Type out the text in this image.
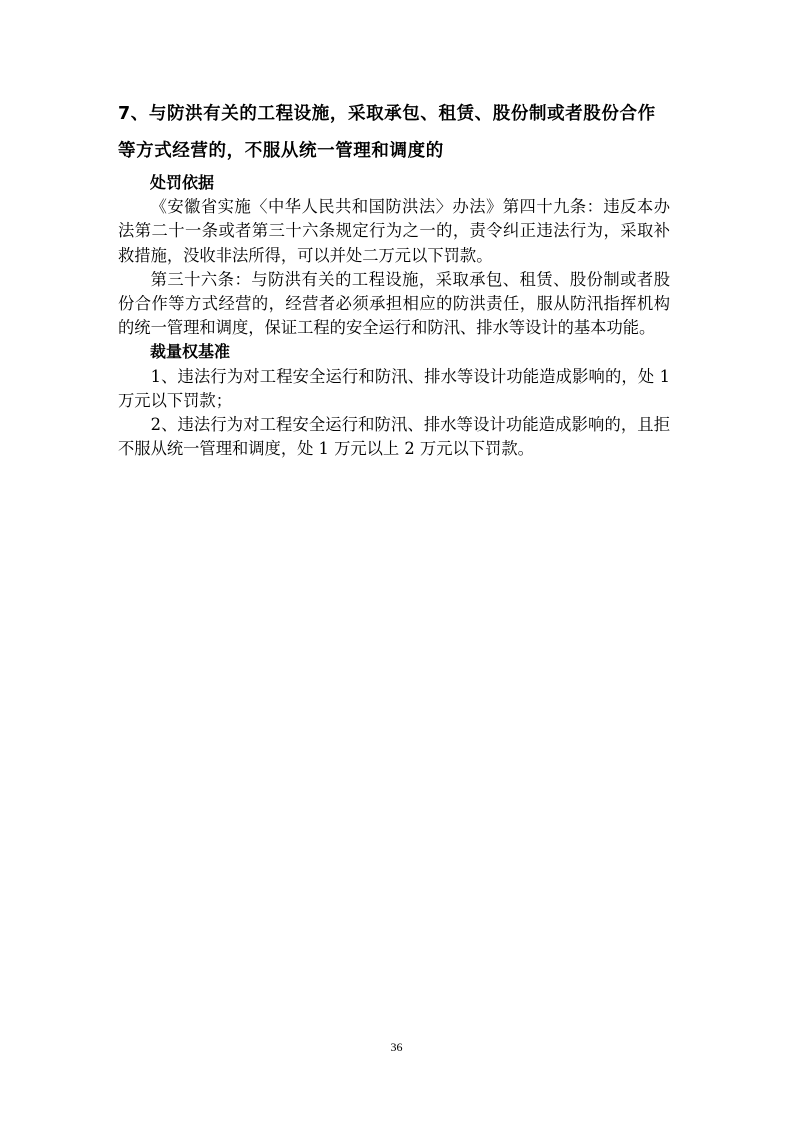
7、与防洪有关的工程设施，采取承包、租赁、股份制或者股份合作

等方式经营的，不服从统一管理和调度的

处罚依据

《安徽省实施〈中华人民共和国防洪法〉办法》第四十九条：违反本办法第二十一条或者第三十六条规定行为之一的，责令纠正违法行为，采取补救措施，没收非法所得，可以并处二万元以下罚款。

第三十六条：与防洪有关的工程设施，采取承包、租赁、股份制或者股份合作等方式经营的，经营者必须承担相应的防洪责任，服从防汛指挥机构的统一管理和调度，保证工程的安全运行和防汛、排水等设计的基本功能。

裁量权基准

1、违法行为对工程安全运行和防汛、排水等设计功能造成影响的，处 1 万元以下罚款；

2、违法行为对工程安全运行和防汛、排水等设计功能造成影响的，且拒不服从统一管理和调度，处 1 万元以上 2 万元以下罚款。

36
